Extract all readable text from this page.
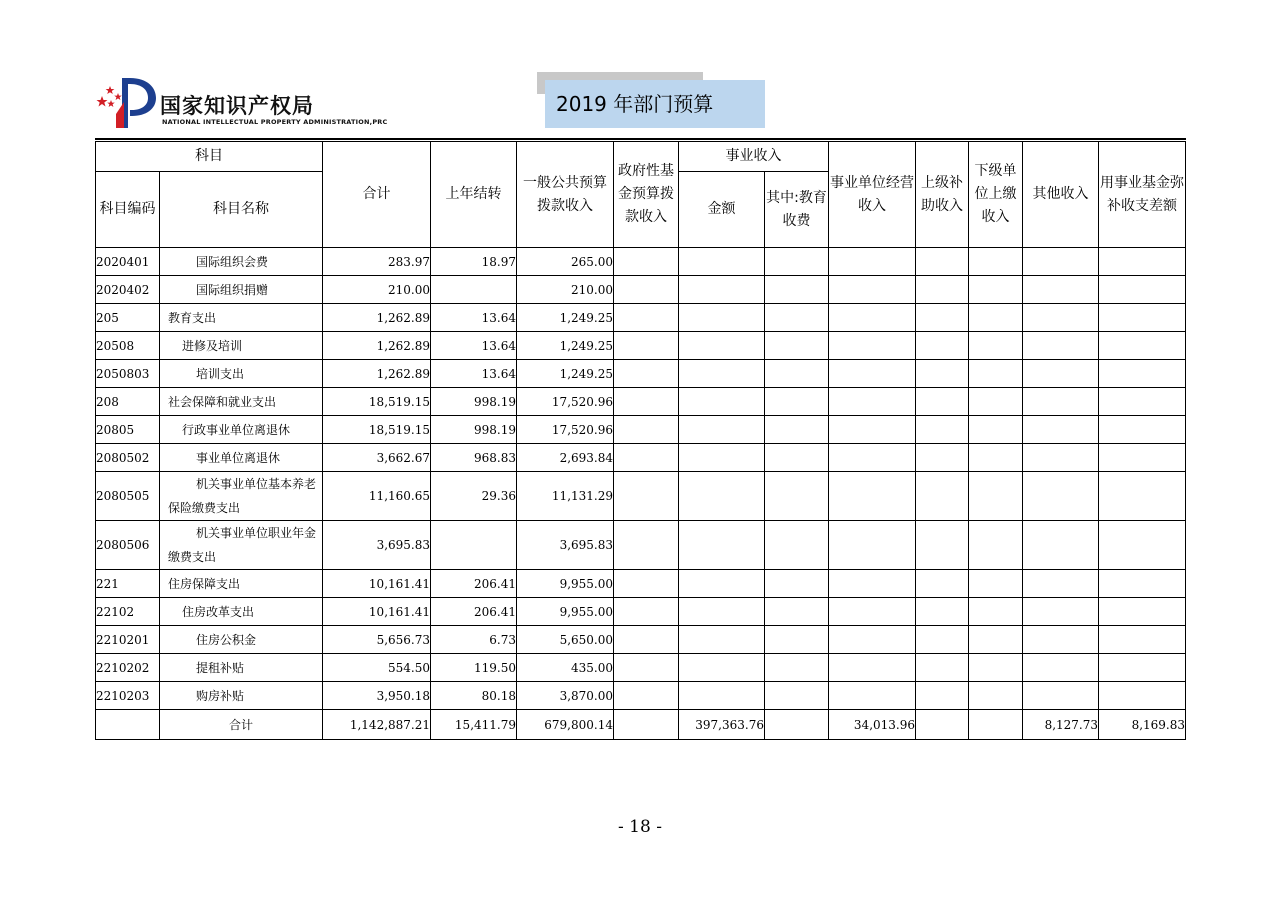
国家知识产权局
NATIONAL INTELLECTUAL PROPERTY ADMINISTRATION,PRC
2019 年部门预算
科目		合计	上年结转	一般公共预算拨款收入	政府性基金预算拨款收入	事业收入		事业单位经营收入	上级补助收入	下级单位上缴收入	其他收入	用事业基金弥补收支差额
科目编码	科目名称					金额	其中:教育收费					
2020401	国际组织会费	283.97	18.97	265.00								
2020402	国际组织捐赠	210.00		210.00								
205	教育支出	1,262.89	13.64	1,249.25								
20508	进修及培训	1,262.89	13.64	1,249.25								
2050803	培训支出	1,262.89	13.64	1,249.25								
208	社会保障和就业支出	18,519.15	998.19	17,520.96								
20805	行政事业单位离退休	18,519.15	998.19	17,520.96								
2080502	事业单位离退休	3,662.67	968.83	2,693.84								
2080505	机关事业单位基本养老保险缴费支出	11,160.65	29.36	11,131.29								
2080506	机关事业单位职业年金缴费支出	3,695.83		3,695.83								
221	住房保障支出	10,161.41	206.41	9,955.00								
22102	住房改革支出	10,161.41	206.41	9,955.00								
2210201	住房公积金	5,656.73	6.73	5,650.00								
2210202	提租补贴	554.50	119.50	435.00								
2210203	购房补贴	3,950.18	80.18	3,870.00								
	合计	1,142,887.21	15,411.79	679,800.14		397,363.76		34,013.96			8,127.73	8,169.83
- 18 -
